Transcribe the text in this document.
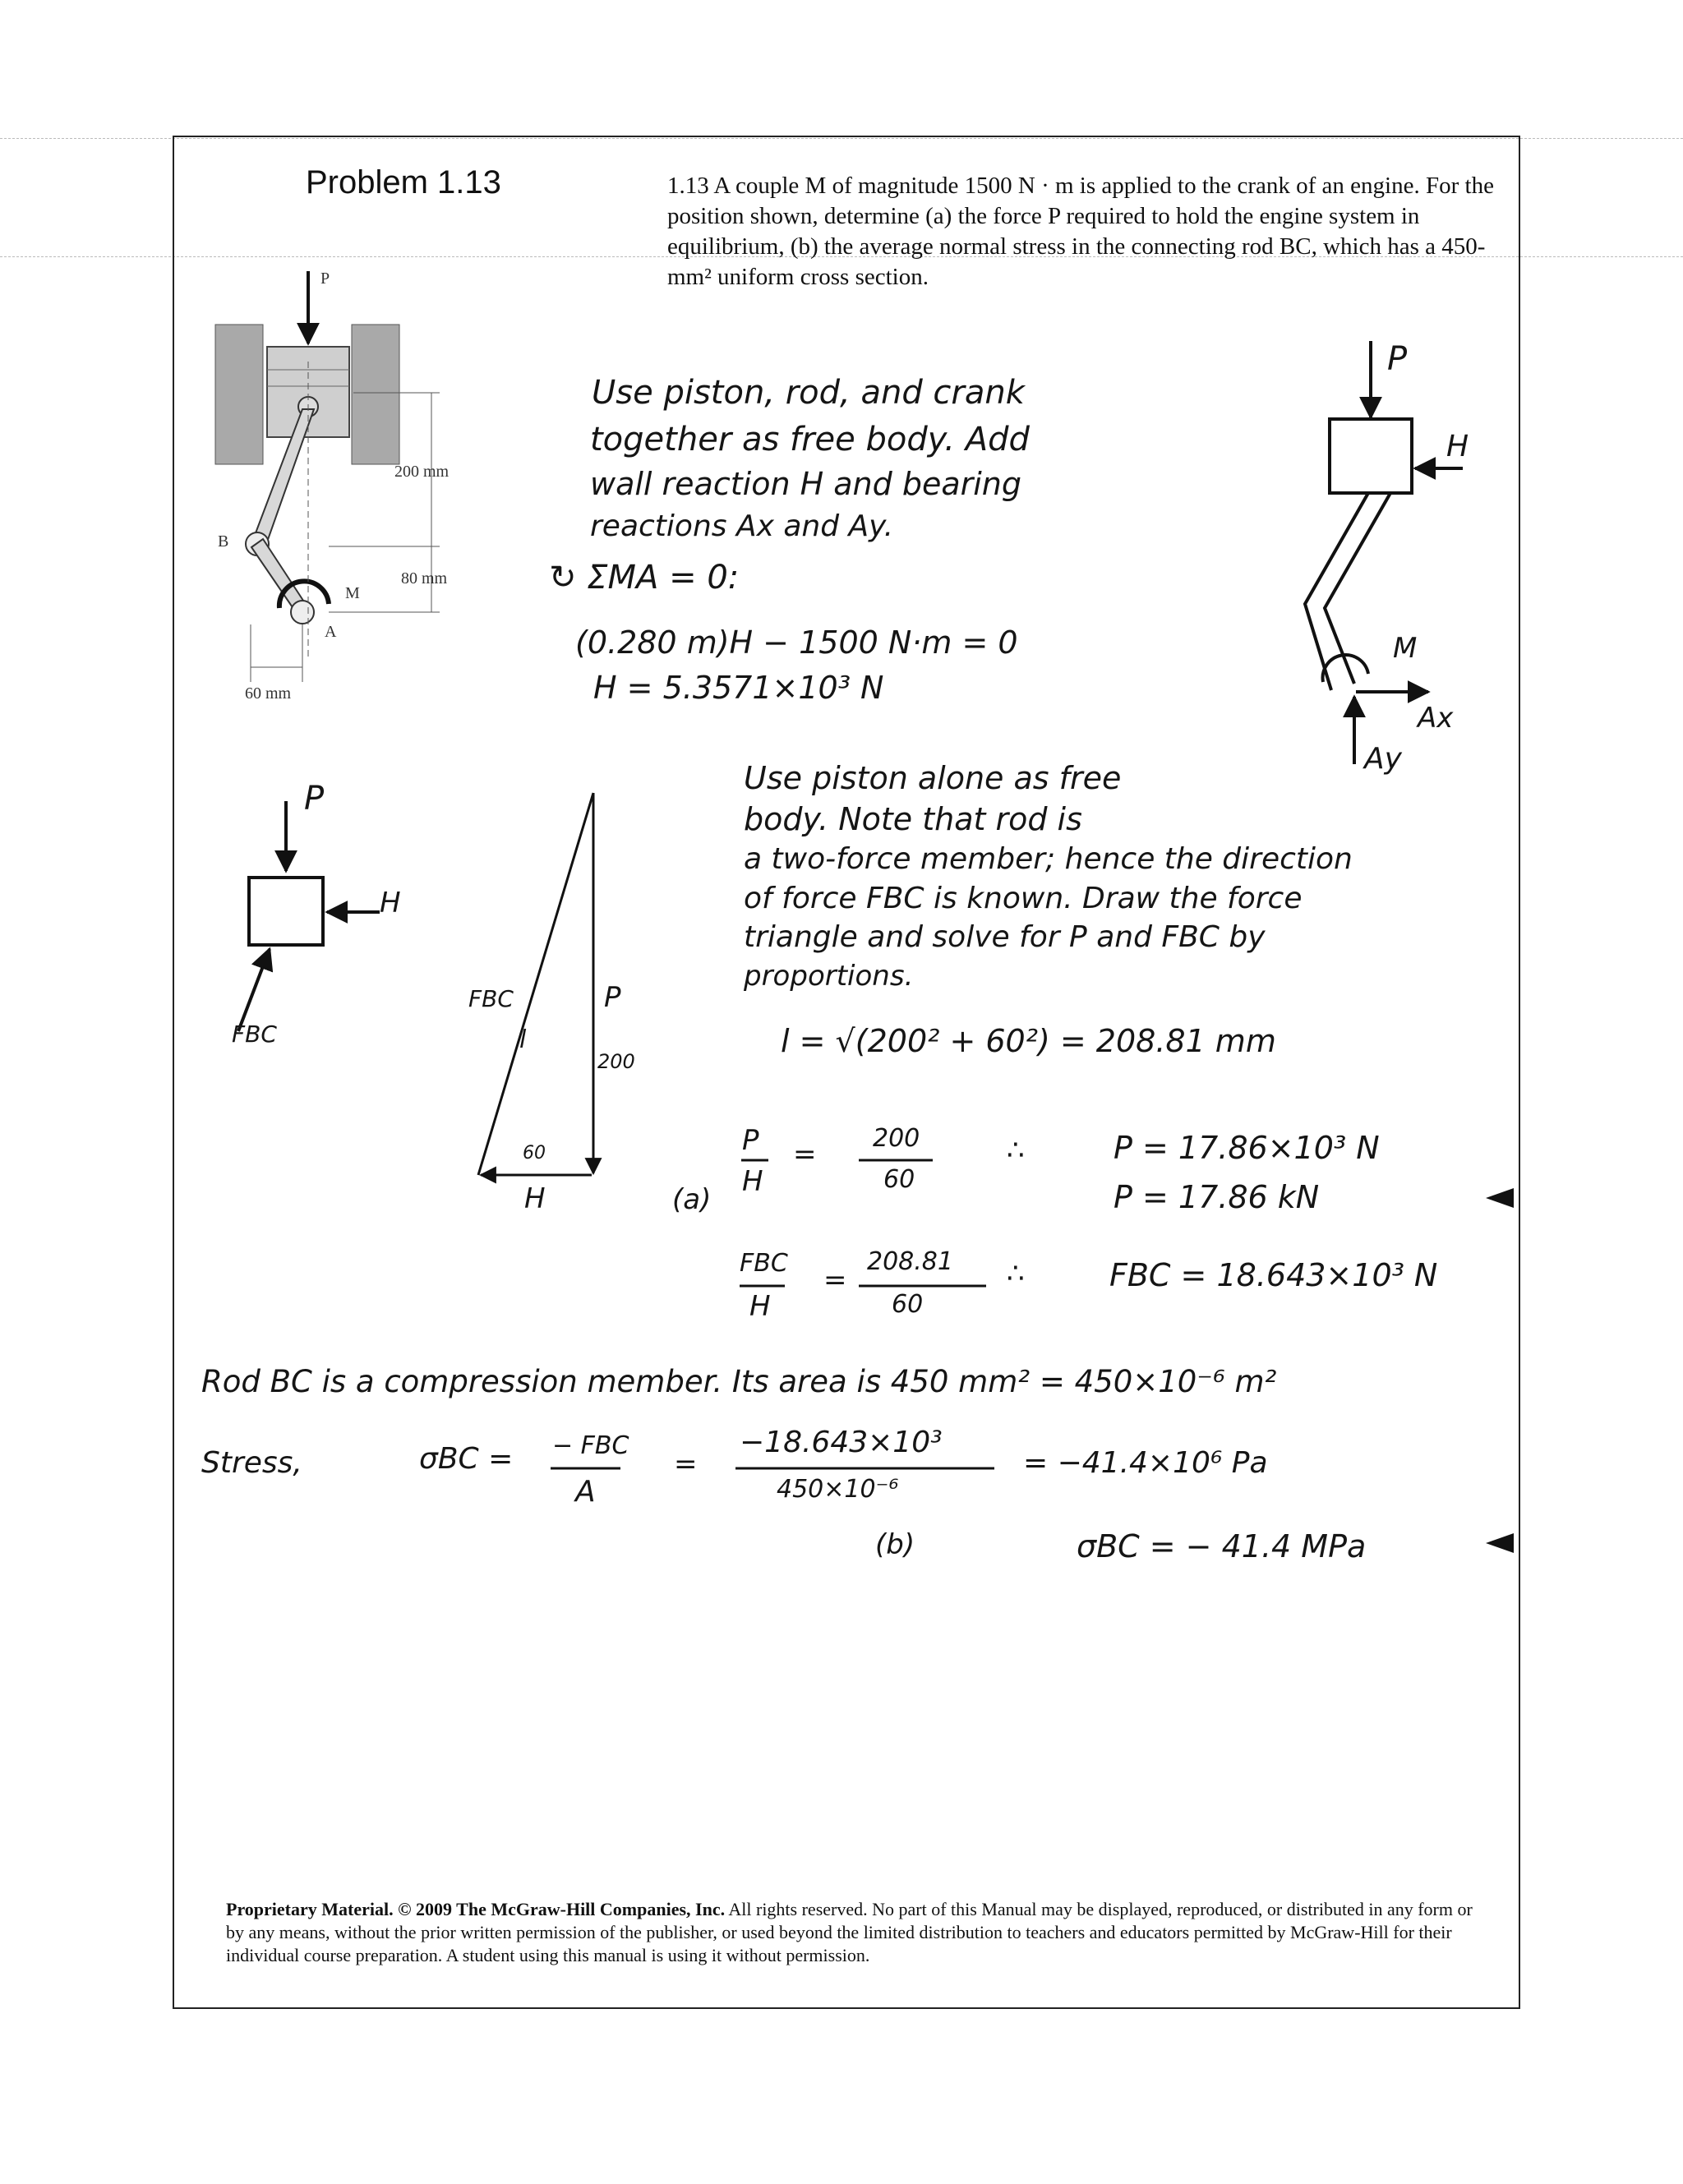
Problem 1.13	1.13 A couple M of magnitude 1500 N · m is applied to the crank of an engine. For the position shown, determine (a) the force P required to hold the engine system in equilibrium, (b) the average normal stress in the connecting rod BC, which has a 450-mm² uniform cross section.
P
B
M
A
200 mm
80 mm
60 mm
P
H
M
Ax
Ay
P
H
FBC
FBC
l
P
200
60
H
Use piston, rod, and crank
together as free body. Add
wall reaction H and bearing
reactions Ax and Ay.
↻ ΣMA = 0:
(0.280 m)H − 1500 N·m = 0
H = 5.3571×10³ N
Use piston alone as free
body. Note that rod is
a two-force member; hence the direction
of force FBC is known. Draw the force
triangle and solve for P and FBC by
proportions.
l = √(200² + 60²) = 208.81 mm
P
H
= 200
60
∴	P = 17.86×10³ N
P = 17.86 kN
(a)
FBC
H
=
208.81
60
∴	FBC = 18.643×10³ N
Rod BC is a compression member. Its area is 450 mm² = 450×10⁻⁶ m²
Stress,	σBC = − FBC
A
=
−18.643×10³
450×10⁻⁶
= −41.4×10⁶ Pa
(b)	σBC = − 41.4 MPa
Proprietary Material. © 2009 The McGraw-Hill Companies, Inc. All rights reserved. No part of this Manual may be displayed, reproduced, or distributed in any form or by any means, without the prior written permission of the publisher, or used beyond the limited distribution to teachers and educators permitted by McGraw-Hill for their individual course preparation. A student using this manual is using it without permission.
